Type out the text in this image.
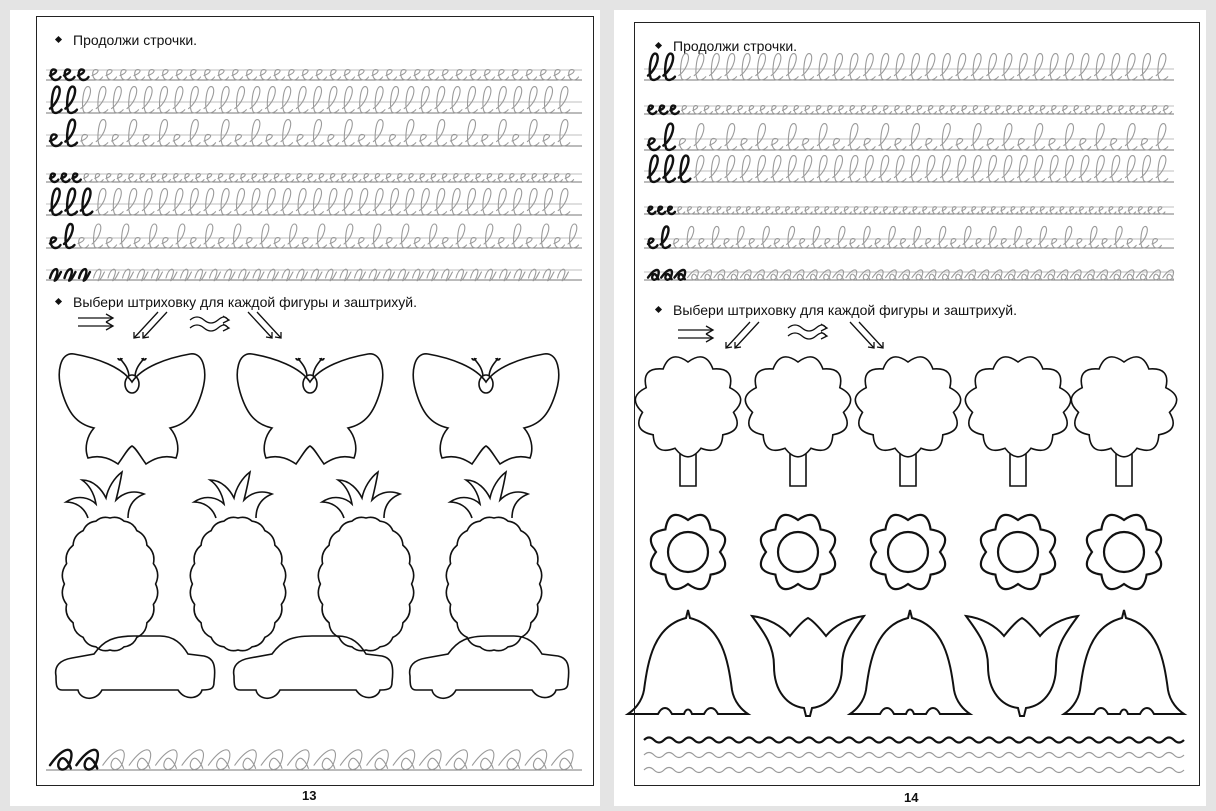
Продолжи строчки.
Выбери штриховку для каждой фигуры и заштрихуй.
13
Продолжи строчки.
Выбери штриховку для каждой фигуры и заштрихуй.
14
